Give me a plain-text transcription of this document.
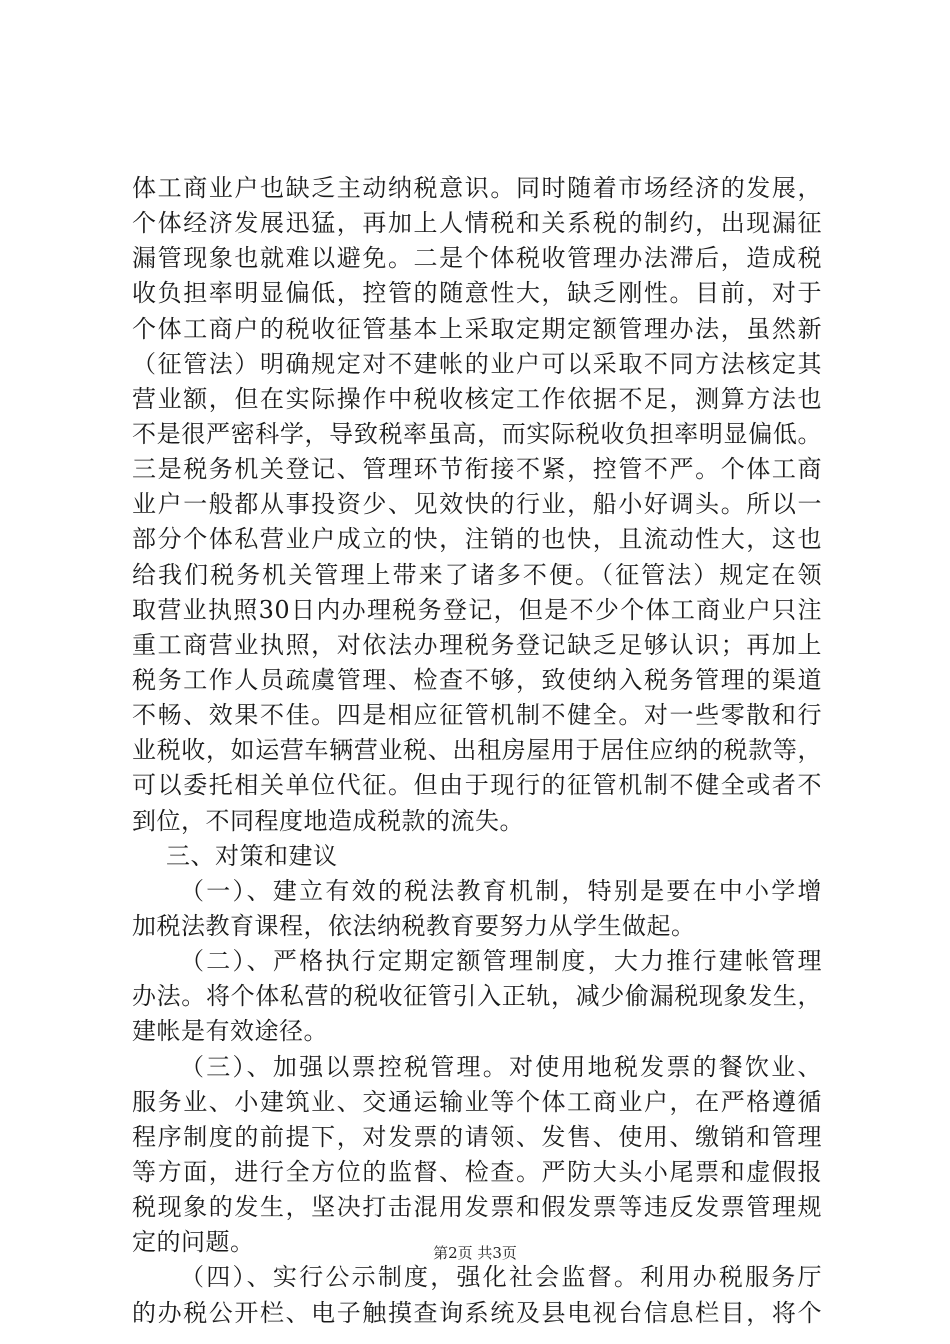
体工商业户也缺乏主动纳税意识。同时随着市场经济的发展，
个体经济发展迅猛，再加上人情税和关系税的制约，出现漏征
漏管现象也就难以避免。二是个体税收管理办法滞后，造成税
收负担率明显偏低，控管的随意性大，缺乏刚性。目前，对于
个体工商户的税收征管基本上采取定期定额管理办法，虽然新
（征管法）明确规定对不建帐的业户可以采取不同方法核定其
营业额，但在实际操作中税收核定工作依据不足，测算方法也
不是很严密科学，导致税率虽高，而实际税收负担率明显偏低。
三是税务机关登记、管理环节衔接不紧，控管不严。个体工商
业户一般都从事投资少、见效快的行业，船小好调头。所以一
部分个体私营业户成立的快，注销的也快，且流动性大，这也
给我们税务机关管理上带来了诸多不便。（征管法）规定在领
取营业执照30日内办理税务登记，但是不少个体工商业户只注
重工商营业执照，对依法办理税务登记缺乏足够认识；再加上
税务工作人员疏虞管理、检查不够，致使纳入税务管理的渠道
不畅、效果不佳。四是相应征管机制不健全。对一些零散和行
业税收，如运营车辆营业税、出租房屋用于居住应纳的税款等，
可以委托相关单位代征。但由于现行的征管机制不健全或者不
到位，不同程度地造成税款的流失。
三、对策和建议
（一）、建立有效的税法教育机制，特别是要在中小学增
加税法教育课程，依法纳税教育要努力从学生做起。
（二）、严格执行定期定额管理制度，大力推行建帐管理
办法。将个体私营的税收征管引入正轨，减少偷漏税现象发生，
建帐是有效途径。
（三）、加强以票控税管理。对使用地税发票的餐饮业、
服务业、小建筑业、交通运输业等个体工商业户，在严格遵循
程序制度的前提下，对发票的请领、发售、使用、缴销和管理
等方面，进行全方位的监督、检查。严防大头小尾票和虚假报
税现象的发生，坚决打击混用发票和假发票等违反发票管理规
定的问题。
（四）、实行公示制度，强化社会监督。利用办税服务厅
的办税公开栏、电子触摸查询系统及县电视台信息栏目，将个
第2页 共3页
